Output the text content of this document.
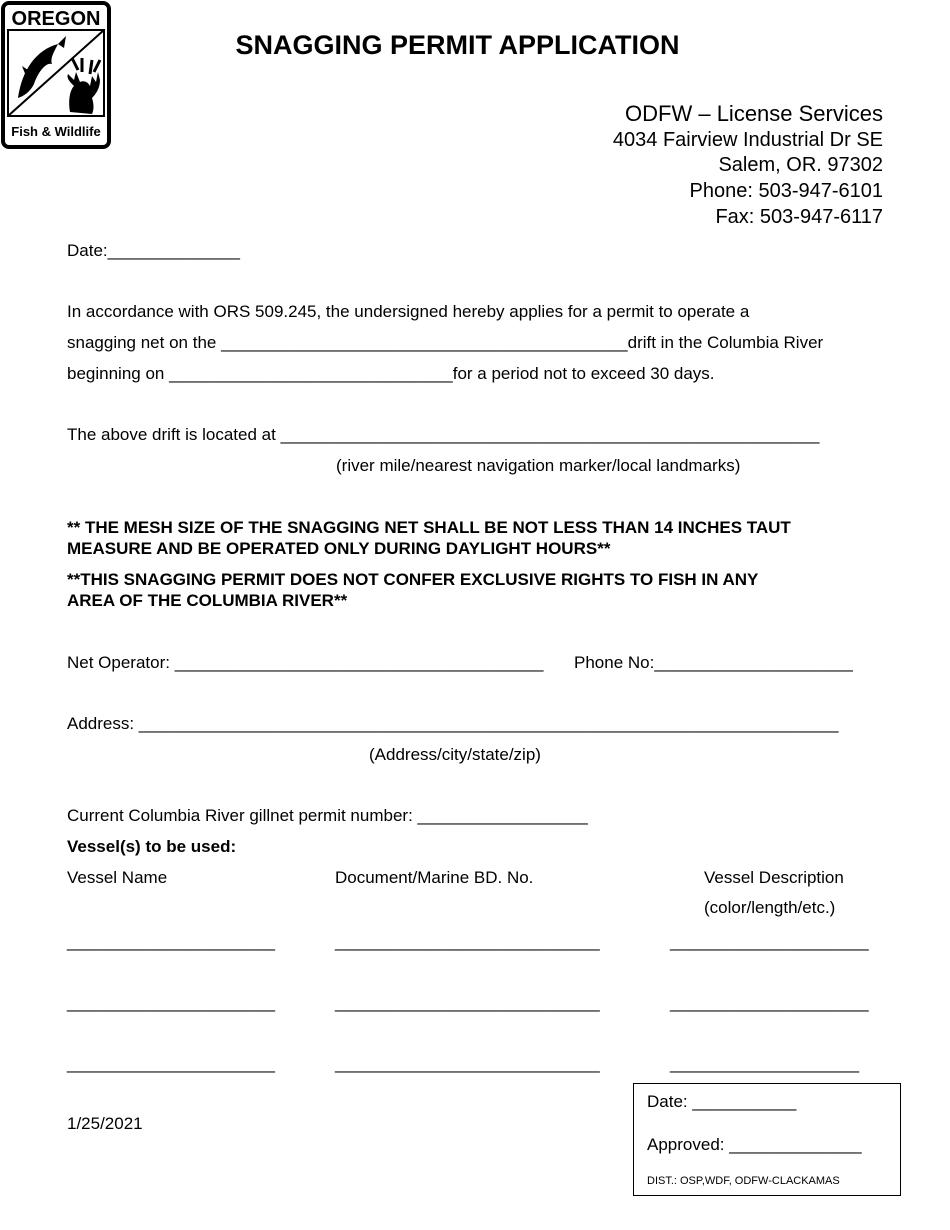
SNAGGING PERMIT APPLICATION
OREGON
Fish & Wildlife
ODFW – License Services
4034 Fairview Industrial Dr SE
Salem, OR. 97302
Phone: 503-947-6101
Fax: 503-947-6117
Date:______________
In accordance with ORS 509.245, the undersigned hereby applies for a permit to operate a
snagging net on the ___________________________________________drift in the Columbia River
beginning on ______________________________for a period not to exceed 30 days.
The above drift is located at _________________________________________________________
(river mile/nearest navigation marker/local landmarks)
** THE MESH SIZE OF THE SNAGGING NET SHALL BE NOT LESS THAN 14 INCHES TAUT
MEASURE AND BE OPERATED ONLY DURING DAYLIGHT HOURS**
**THIS SNAGGING PERMIT DOES NOT CONFER EXCLUSIVE RIGHTS TO FISH IN ANY
AREA OF THE COLUMBIA RIVER**
Net Operator: _______________________________________ Phone No:_____________________
Address: __________________________________________________________________________
(Address/city/state/zip)
Current Columbia River gillnet permit number: __________________
Vessel(s) to be used:
Vessel Name	Document/Marine BD. No.	Vessel Description
(color/length/etc.)
______________________	____________________________	_____________________
______________________	____________________________	_____________________
______________________	____________________________	____________________
1/25/2021
Date: ___________
Approved: ______________
DIST.: OSP,WDF, ODFW-CLACKAMAS
